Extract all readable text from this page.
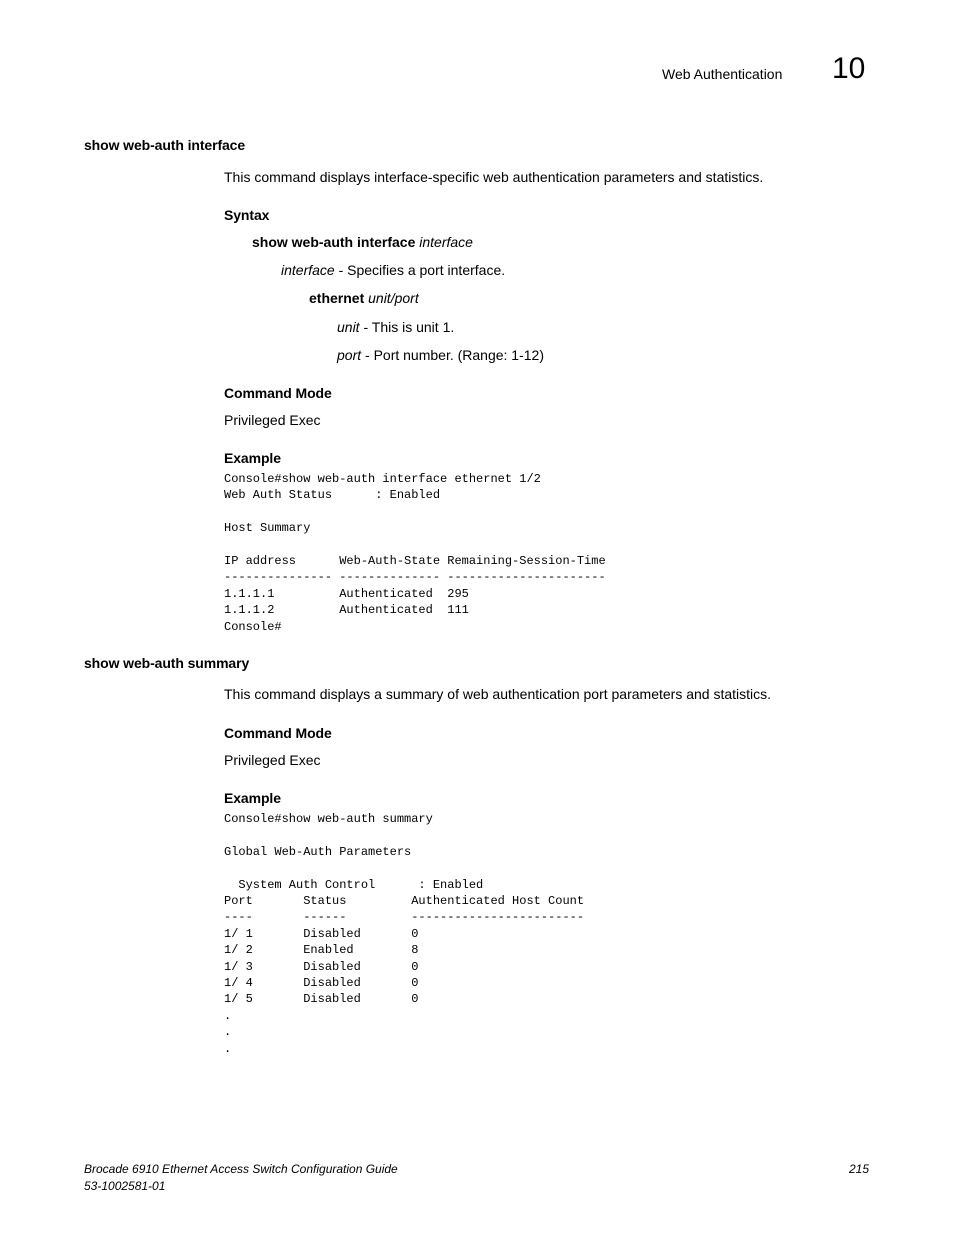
Web Authentication 10
show web-auth interface
This command displays interface-specific web authentication parameters and statistics.
Syntax
show web-auth interface interface
interface - Specifies a port interface.
ethernet unit/port
unit - This is unit 1.
port - Port number. (Range: 1-12)
Command Mode
Privileged Exec
Example
Console#show web-auth interface ethernet 1/2
Web Auth Status      : Enabled

Host Summary

IP address      Web-Auth-State Remaining-Session-Time
--------------- -------------- ----------------------
1.1.1.1         Authenticated  295
1.1.1.2         Authenticated  111
Console#
show web-auth summary
This command displays a summary of web authentication port parameters and statistics.
Command Mode
Privileged Exec
Example
Console#show web-auth summary

Global Web-Auth Parameters

System Auth Control      : Enabled
Port       Status         Authenticated Host Count
----       ------         ------------------------
1/ 1       Disabled       0
1/ 2       Enabled        8
1/ 3       Disabled       0
1/ 4       Disabled       0
1/ 5       Disabled       0
.
.
.
Brocade 6910 Ethernet Access Switch Configuration Guide
53-1002581-01
215
